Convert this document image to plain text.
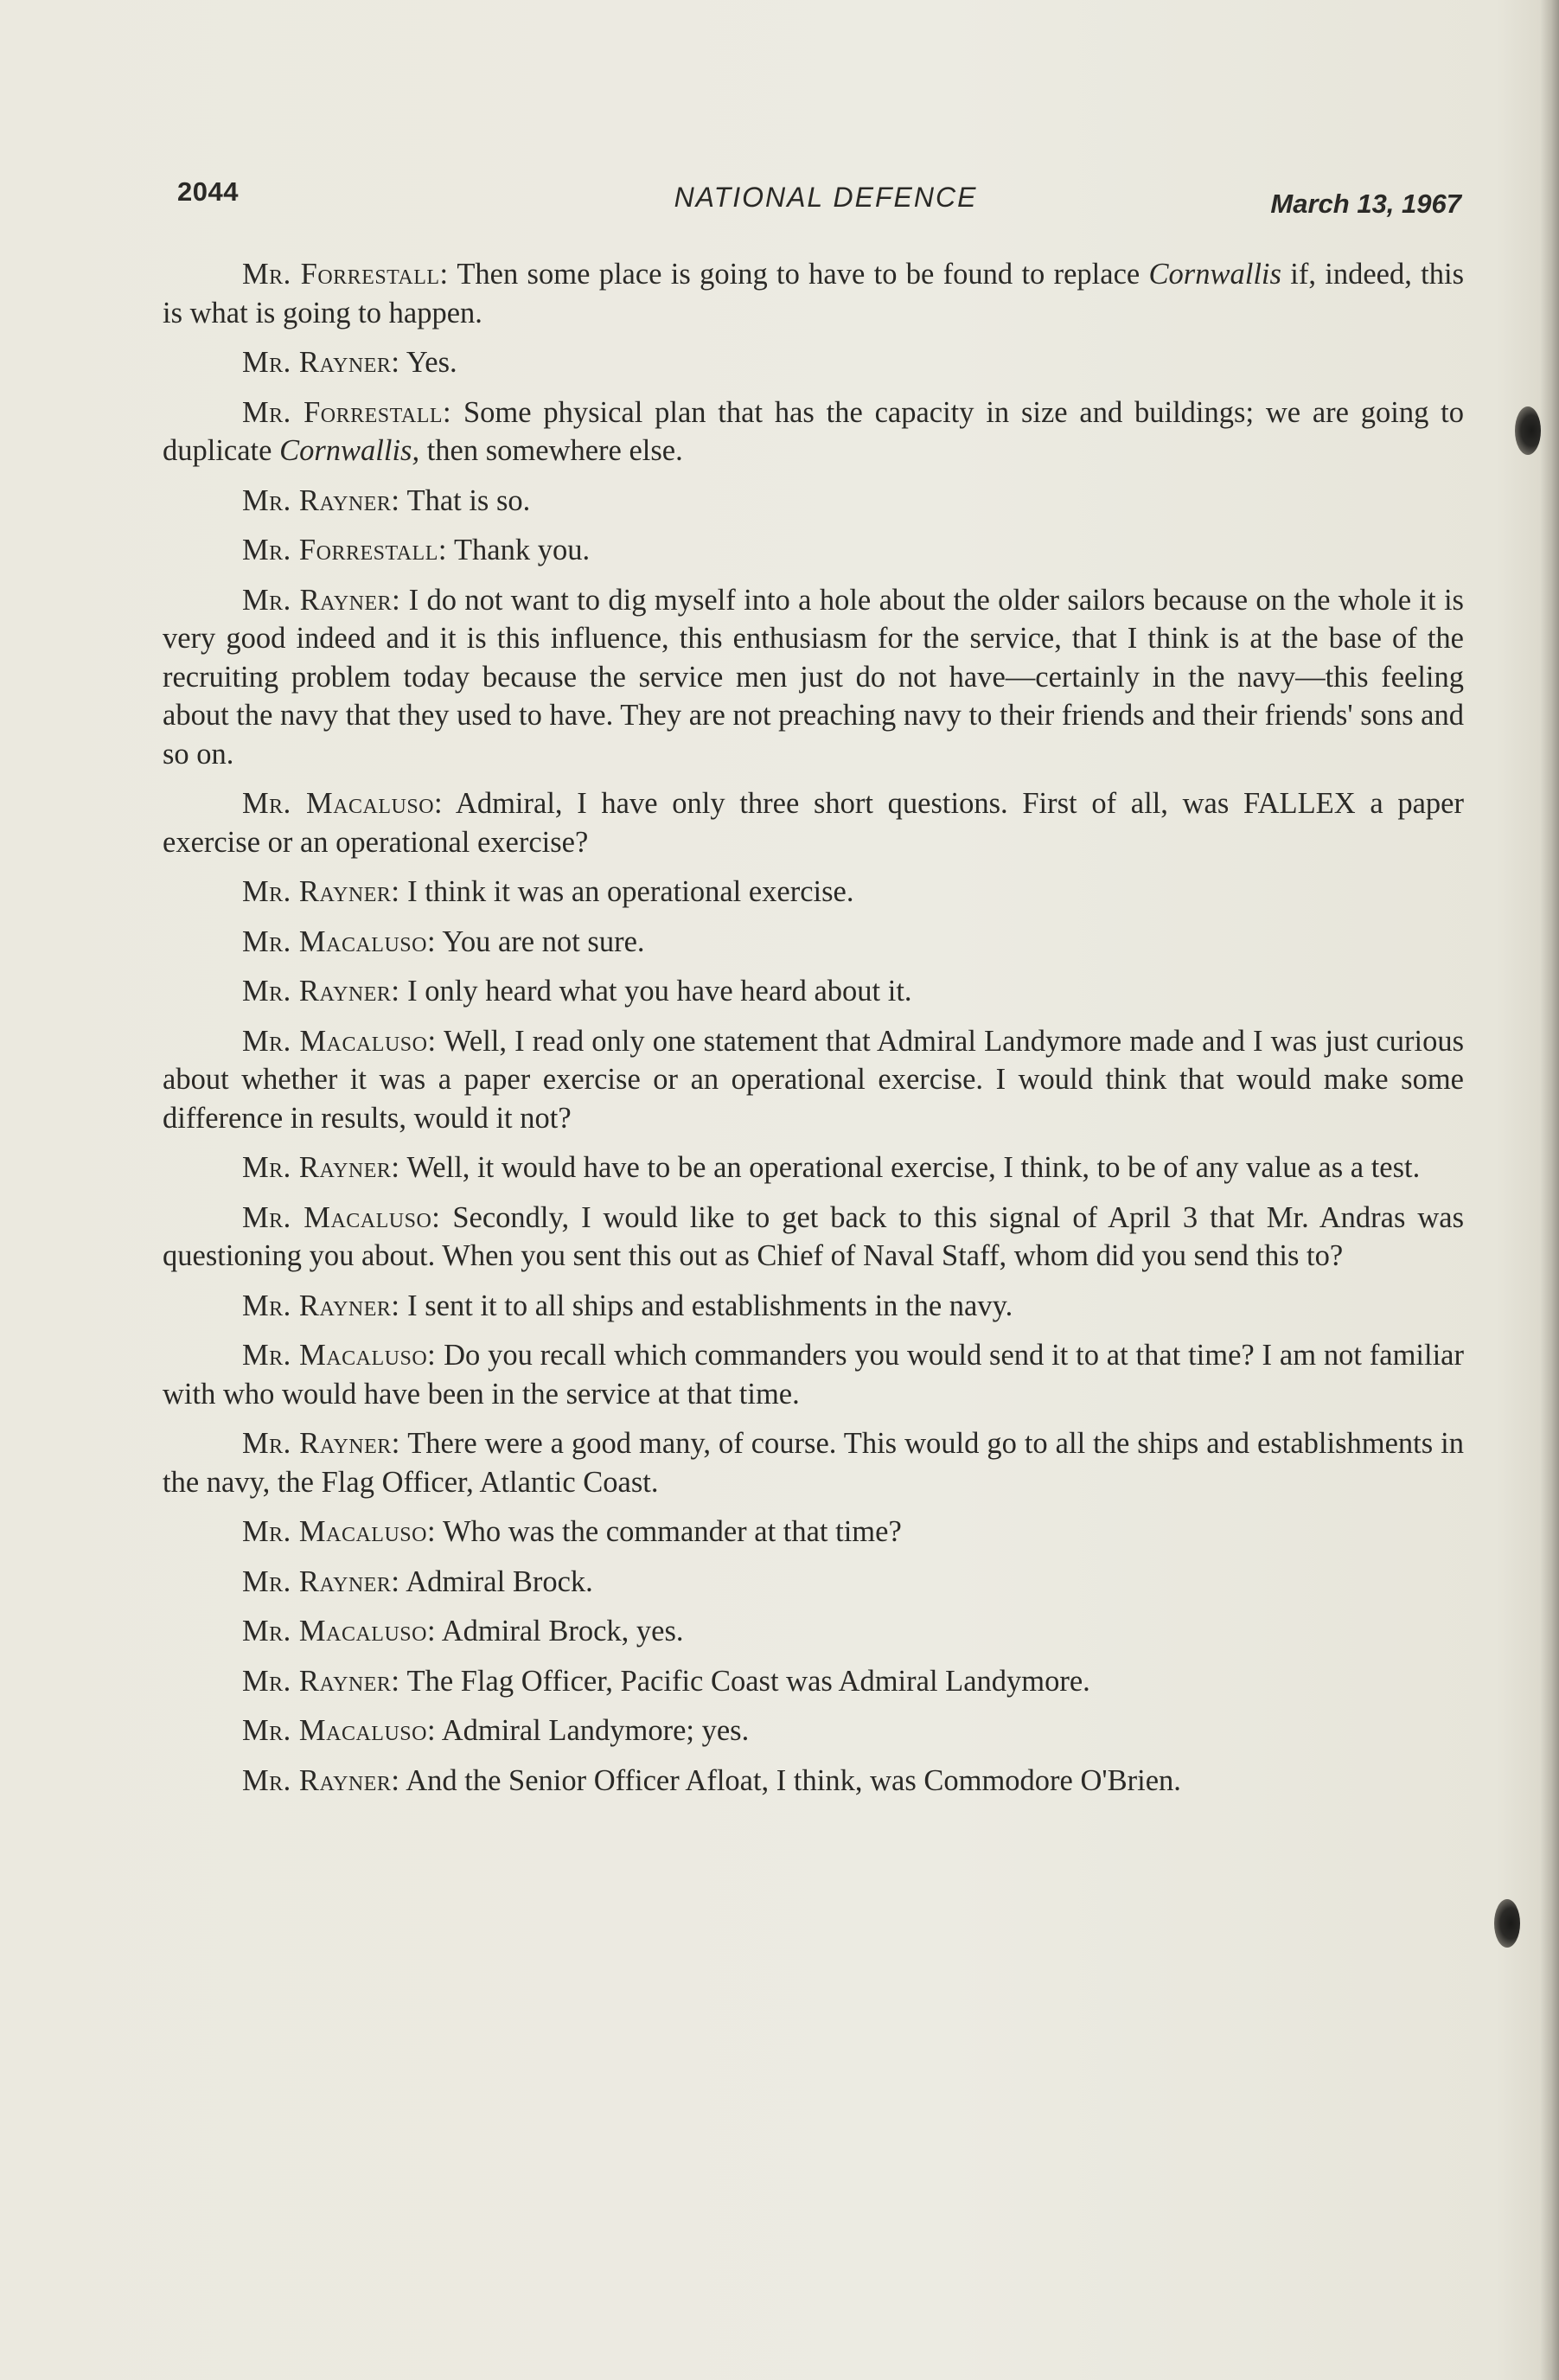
2044	NATIONAL DEFENCE	March 13, 1967

Mr. Forrestall: Then some place is going to have to be found to replace Cornwallis if, indeed, this is what is going to happen.

Mr. Rayner: Yes.

Mr. Forrestall: Some physical plan that has the capacity in size and buildings; we are going to duplicate Cornwallis, then somewhere else.

Mr. Rayner: That is so.

Mr. Forrestall: Thank you.

Mr. Rayner: I do not want to dig myself into a hole about the older sailors because on the whole it is very good indeed and it is this influence, this enthusiasm for the service, that I think is at the base of the recruiting problem today because the service men just do not have—certainly in the navy—this feeling about the navy that they used to have. They are not preaching navy to their friends and their friends' sons and so on.

Mr. Macaluso: Admiral, I have only three short questions. First of all, was FALLEX a paper exercise or an operational exercise?

Mr. Rayner: I think it was an operational exercise.

Mr. Macaluso: You are not sure.

Mr. Rayner: I only heard what you have heard about it.

Mr. Macaluso: Well, I read only one statement that Admiral Landymore made and I was just curious about whether it was a paper exercise or an operational exercise. I would think that would make some difference in results, would it not?

Mr. Rayner: Well, it would have to be an operational exercise, I think, to be of any value as a test.

Mr. Macaluso: Secondly, I would like to get back to this signal of April 3 that Mr. Andras was questioning you about. When you sent this out as Chief of Naval Staff, whom did you send this to?

Mr. Rayner: I sent it to all ships and establishments in the navy.

Mr. Macaluso: Do you recall which commanders you would send it to at that time? I am not familiar with who would have been in the service at that time.

Mr. Rayner: There were a good many, of course. This would go to all the ships and establishments in the navy, the Flag Officer, Atlantic Coast.

Mr. Macaluso: Who was the commander at that time?

Mr. Rayner: Admiral Brock.

Mr. Macaluso: Admiral Brock, yes.

Mr. Rayner: The Flag Officer, Pacific Coast was Admiral Landymore.

Mr. Macaluso: Admiral Landymore; yes.

Mr. Rayner: And the Senior Officer Afloat, I think, was Commodore O'Brien.
